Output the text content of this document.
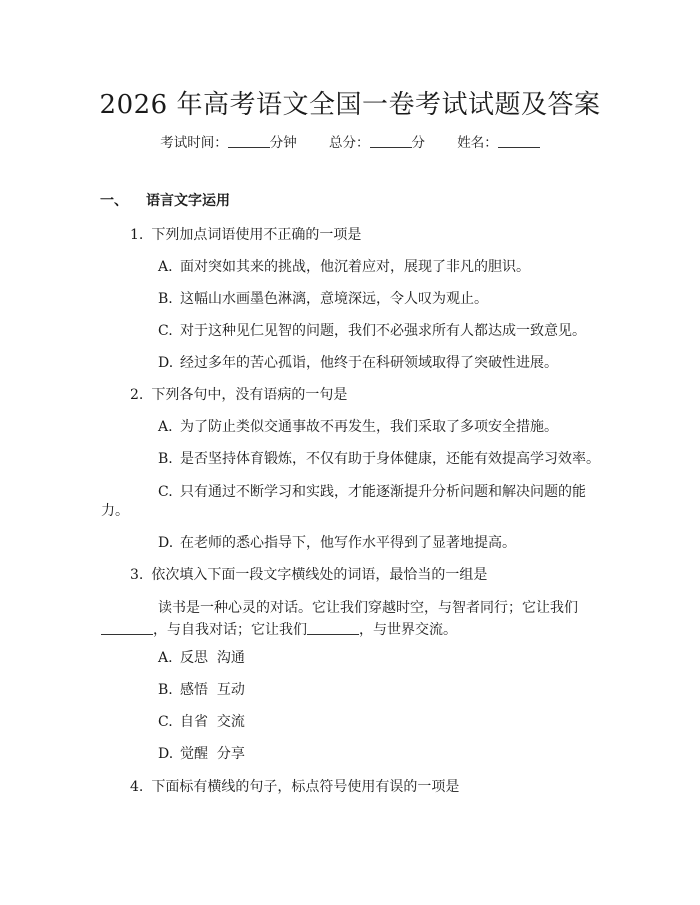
2026 年高考语文全国一卷考试试题及答案
考试时间：	分钟 总分：	分 姓名：
一、 语言文字运用
1. 下列加点词语使用不正确的一项是
A. 面对突如其来的挑战，他沉着应对，展现了非凡的胆识。
B. 这幅山水画墨色淋漓，意境深远，令人叹为观止。
C. 对于这种见仁见智的问题，我们不必强求所有人都达成一致意见。
D. 经过多年的苦心孤诣，他终于在科研领域取得了突破性进展。
2. 下列各句中，没有语病的一句是
A. 为了防止类似交通事故不再发生，我们采取了多项安全措施。
B. 是否坚持体育锻炼，不仅有助于身体健康，还能有效提高学习效率。
C. 只有通过不断学习和实践，才能逐渐提升分析问题和解决问题的能
力。
D. 在老师的悉心指导下，他写作水平得到了显著地提高。
3. 依次填入下面一段文字横线处的词语，最恰当的一组是
读书是一种心灵的对话。它让我们穿越时空，与智者同行；它让我们
，与自我对话；它让我们	，与世界交流。
A. 反思  沟通
B. 感悟  互动
C. 自省  交流
D. 觉醒  分享
4. 下面标有横线的句子，标点符号使用有误的一项是
